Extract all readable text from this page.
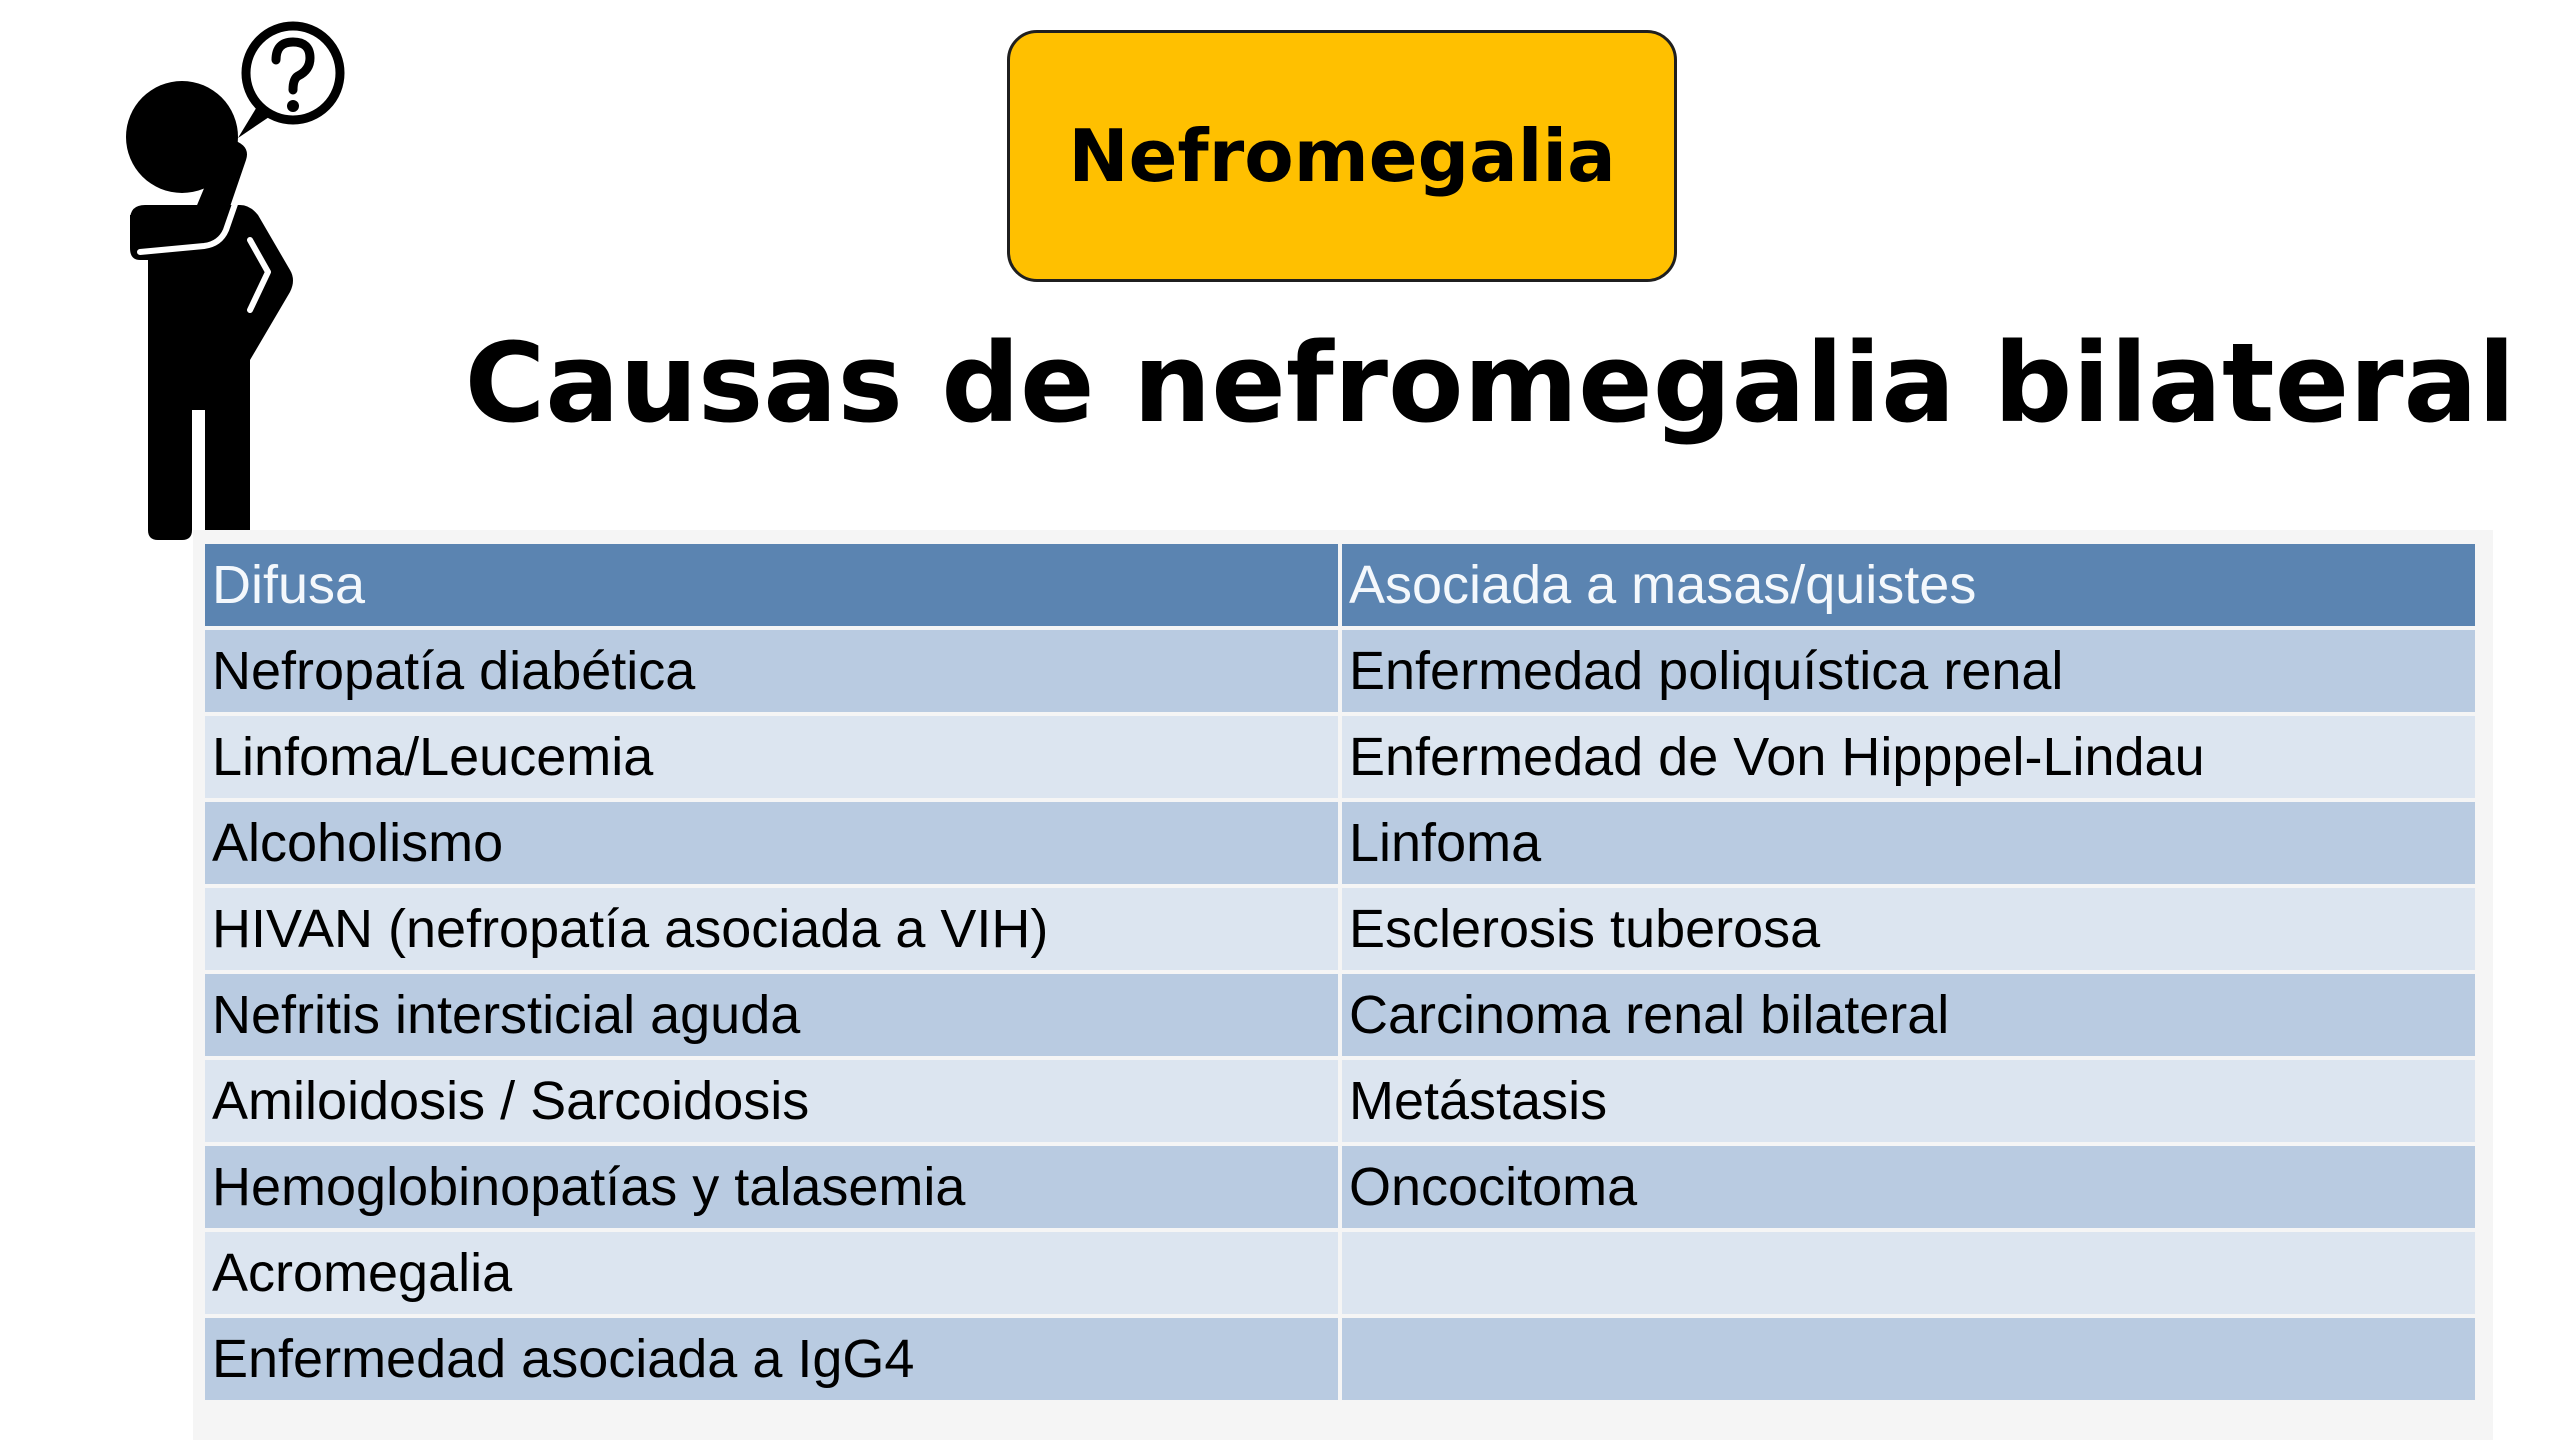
Nefromegalia
Causas de nefromegalia bilateral
Difusa	Asociada a masas/quistes
Nefropatía diabética	Enfermedad poliquística renal
Linfoma/Leucemia	Enfermedad de Von Hipppel-Lindau
Alcoholismo	Linfoma
HIVAN (nefropatía asociada a VIH)	Esclerosis tuberosa
Nefritis intersticial aguda	Carcinoma renal bilateral
Amiloidosis / Sarcoidosis	Metástasis
Hemoglobinopatías y talasemia	Oncocitoma
Acromegalia	
Enfermedad asociada a IgG4	
